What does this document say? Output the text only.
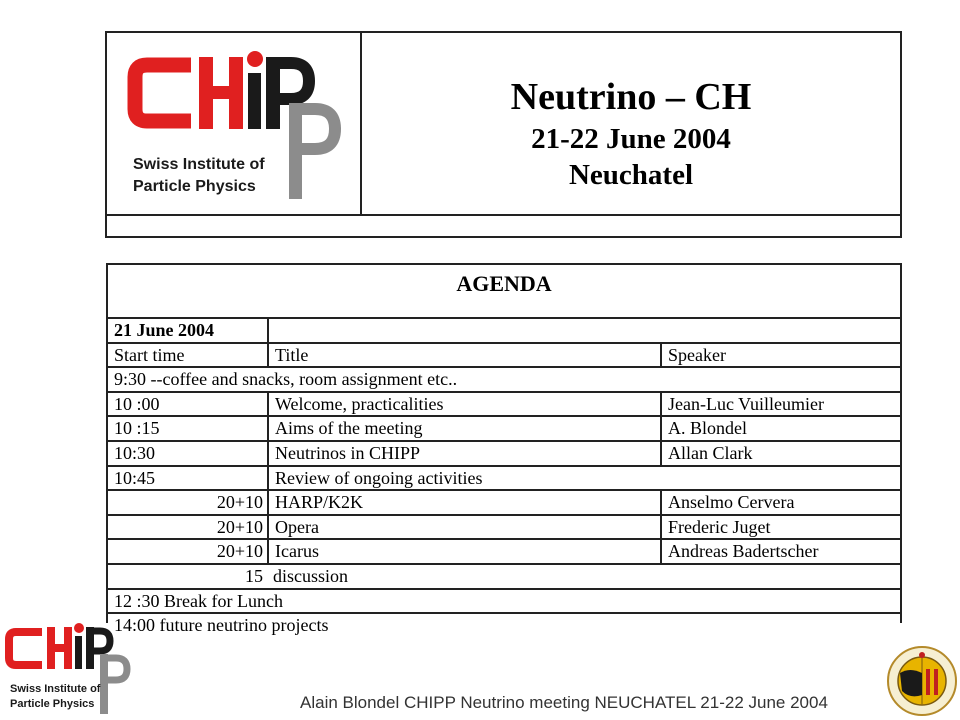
Swiss Institute of
Particle Physics
Neutrino – CH
21-22 June 2004
Neuchatel
AGENDA
21 June 2004
Start time	Title	Speaker
9:30 --coffee and snacks, room assignment etc..
10 :00	Welcome, practicalities	Jean-Luc Vuilleumier
10 :15	Aims of the meeting	A. Blondel
10:30	Neutrinos in CHIPP	Allan Clark
10:45	Review of ongoing activities
20+10 HARP/K2K	Anselmo Cervera
20+10 Opera	Frederic Juget
20+10 Icarus	Andreas Badertscher
15 discussion
12 :30 Break for Lunch
14:00 future neutrino projects
Swiss Institute of
Particle Physics	Alain Blondel CHIPP Neutrino meeting NEUCHATEL 21-22 June 2004
